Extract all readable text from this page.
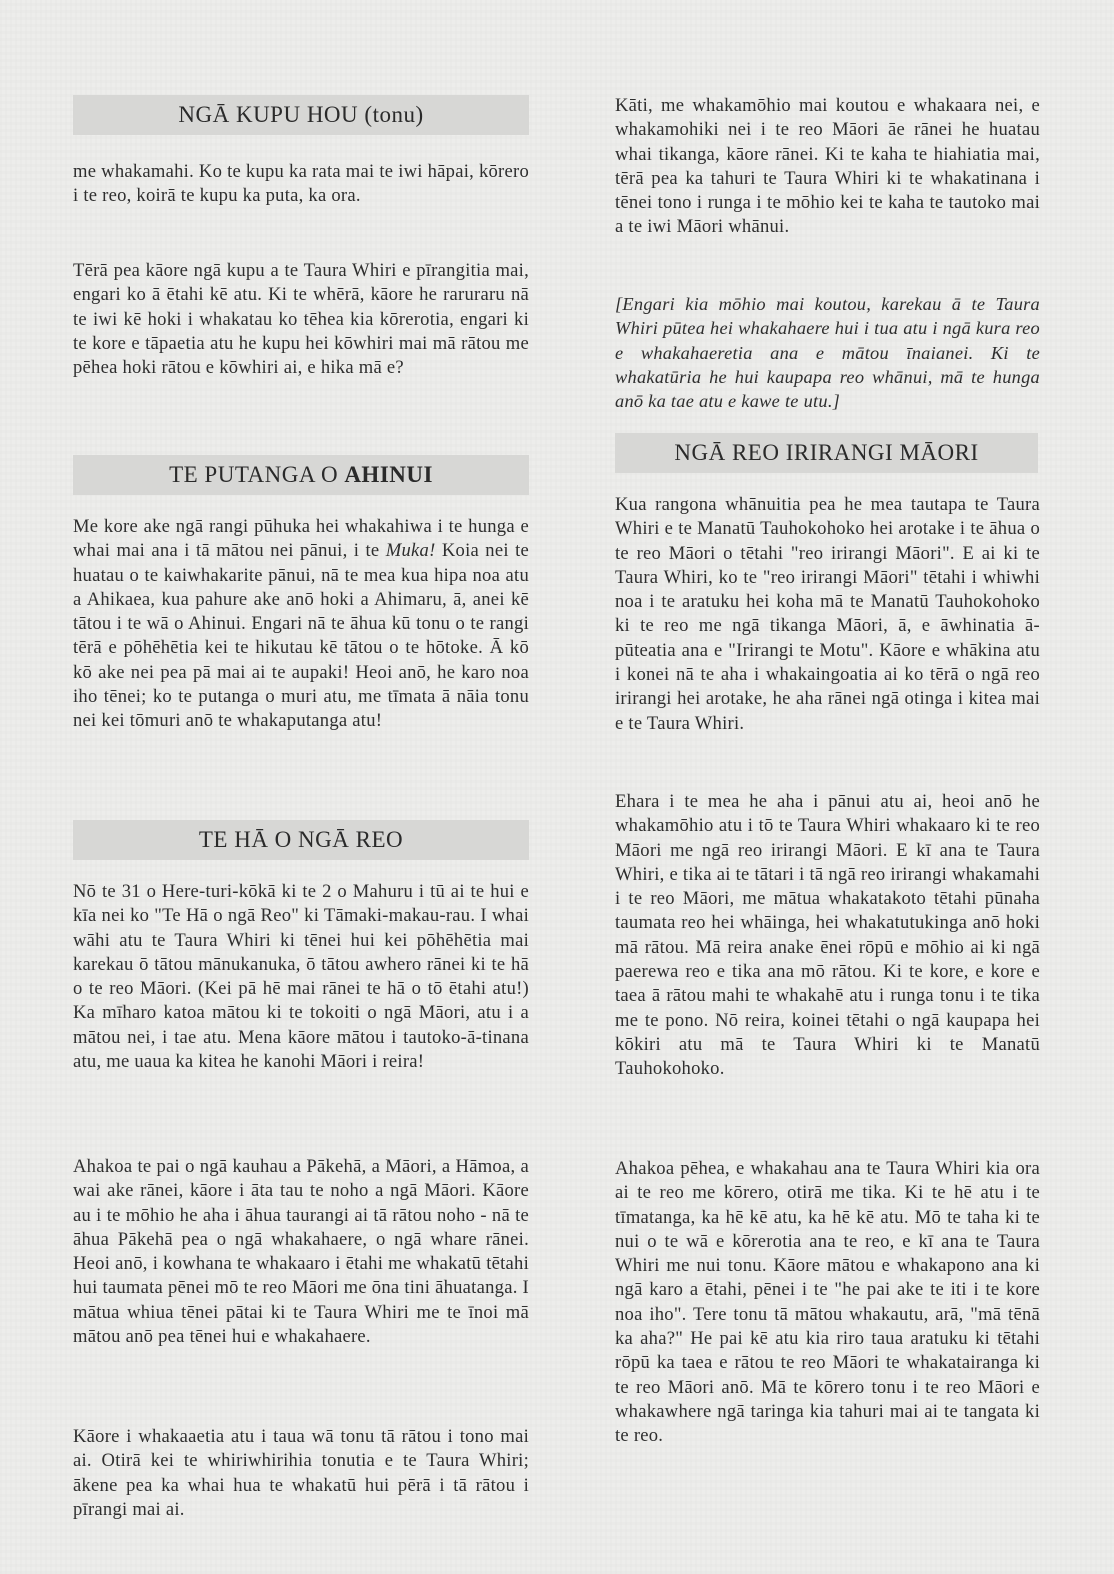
NGĀ KUPU HOU (tonu)

me whakamahi. Ko te kupu ka rata mai te iwi hāpai, kōrero i te reo, koirā te kupu ka puta, ka ora.

Tērā pea kāore ngā kupu a te Taura Whiri e pīrangitia mai, engari ko ā ētahi kē atu. Ki te whērā, kāore he raruraru nā te iwi kē hoki i whakatau ko tēhea kia kōrerotia, engari ki te kore e tāpaetia atu he kupu hei kōwhiri mai mā rātou me pēhea hoki rātou e kōwhiri ai, e hika mā e?

TE PUTANGA O AHINUI

Me kore ake ngā rangi pūhuka hei whakahiwa i te hunga e whai mai ana i tā mātou nei pānui, i te Muka! Koia nei te huatau o te kaiwhakarite pānui, nā te mea kua hipa noa atu a Ahikaea, kua pahure ake anō hoki a Ahimaru, ā, anei kē tātou i te wā o Ahinui. Engari nā te āhua kū tonu o te rangi tērā e pōhēhētia kei te hikutau kē tātou o te hōtoke. Ā kō kō ake nei pea pā mai ai te aupaki! Heoi anō, he karo noa iho tēnei; ko te putanga o muri atu, me tīmata ā nāia tonu nei kei tōmuri anō te whakaputanga atu!

TE HĀ O NGĀ REO

Nō te 31 o Here-turi-kōkā ki te 2 o Mahuru i tū ai te hui e kīa nei ko "Te Hā o ngā Reo" ki Tāmaki-makau-rau. I whai wāhi atu te Taura Whiri ki tēnei hui kei pōhēhētia mai karekau ō tātou mānukanuka, ō tātou awhero rānei ki te hā o te reo Māori. (Kei pā hē mai rānei te hā o tō ētahi atu!) Ka mīharo katoa mātou ki te tokoiti o ngā Māori, atu i a mātou nei, i tae atu. Mena kāore mātou i tautoko-ā-tinana atu, me uaua ka kitea he kanohi Māori i reira!

Ahakoa te pai o ngā kauhau a Pākehā, a Māori, a Hāmoa, a wai ake rānei, kāore i āta tau te noho a ngā Māori. Kāore au i te mōhio he aha i āhua taurangi ai tā rātou noho - nā te āhua Pākehā pea o ngā whakahaere, o ngā whare rānei. Heoi anō, i kowhana te whakaaro i ētahi me whakatū tētahi hui taumata pēnei mō te reo Māori me ōna tini āhuatanga. I mātua whiua tēnei pātai ki te Taura Whiri me te īnoi mā mātou anō pea tēnei hui e whakahaere.

Kāore i whakaaetia atu i taua wā tonu tā rātou i tono mai ai. Otirā kei te whiriwhirihia tonutia e te Taura Whiri; ākene pea ka whai hua te whakatū hui pērā i tā rātou i pīrangi mai ai.

Kāti, me whakamōhio mai koutou e whakaara nei, e whakamohiki nei i te reo Māori āe rānei he huatau whai tikanga, kāore rānei. Ki te kaha te hiahiatia mai, tērā pea ka tahuri te Taura Whiri ki te whakatinana i tēnei tono i runga i te mōhio kei te kaha te tautoko mai a te iwi Māori whānui.

[Engari kia mōhio mai koutou, karekau ā te Taura Whiri pūtea hei whakahaere hui i tua atu i ngā kura reo e whakahaeretia ana e mātou īnaianei. Ki te whakatūria he hui kaupapa reo whānui, mā te hunga anō ka tae atu e kawe te utu.]

NGĀ REO IRIRANGI MĀORI

Kua rangona whānuitia pea he mea tautapa te Taura Whiri e te Manatū Tauhokohoko hei arotake i te āhua o te reo Māori o tētahi "reo irirangi Māori". E ai ki te Taura Whiri, ko te "reo irirangi Māori" tētahi i whiwhi noa i te aratuku hei koha mā te Manatū Tauhokohoko ki te reo me ngā tikanga Māori, ā, e āwhinatia ā-pūteatia ana e "Irirangi te Motu". Kāore e whākina atu i konei nā te aha i whakaingoatia ai ko tērā o ngā reo irirangi hei arotake, he aha rānei ngā otinga i kitea mai e te Taura Whiri.

Ehara i te mea he aha i pānui atu ai, heoi anō he whakamōhio atu i tō te Taura Whiri whakaaro ki te reo Māori me ngā reo irirangi Māori. E kī ana te Taura Whiri, e tika ai te tātari i tā ngā reo irirangi whakamahi i te reo Māori, me mātua whakatakoto tētahi pūnaha taumata reo hei whāinga, hei whakatutukinga anō hoki mā rātou. Mā reira anake ēnei rōpū e mōhio ai ki ngā paerewa reo e tika ana mō rātou. Ki te kore, e kore e taea ā rātou mahi te whakahē atu i runga tonu i te tika me te pono. Nō reira, koinei tētahi o ngā kaupapa hei kōkiri atu mā te Taura Whiri ki te Manatū Tauhokohoko.

Ahakoa pēhea, e whakahau ana te Taura Whiri kia ora ai te reo me kōrero, otirā me tika. Ki te hē atu i te tīmatanga, ka hē kē atu, ka hē kē atu. Mō te taha ki te nui o te wā e kōrerotia ana te reo, e kī ana te Taura Whiri me nui tonu. Kāore mātou e whakapono ana ki ngā karo a ētahi, pēnei i te "he pai ake te iti i te kore noa iho". Tere tonu tā mātou whakautu, arā, "mā tēnā ka aha?" He pai kē atu kia riro taua aratuku ki tētahi rōpū ka taea e rātou te reo Māori te whakatairanga ki te reo Māori anō. Mā te kōrero tonu i te reo Māori e whakawhere ngā taringa kia tahuri mai ai te tangata ki te reo.
